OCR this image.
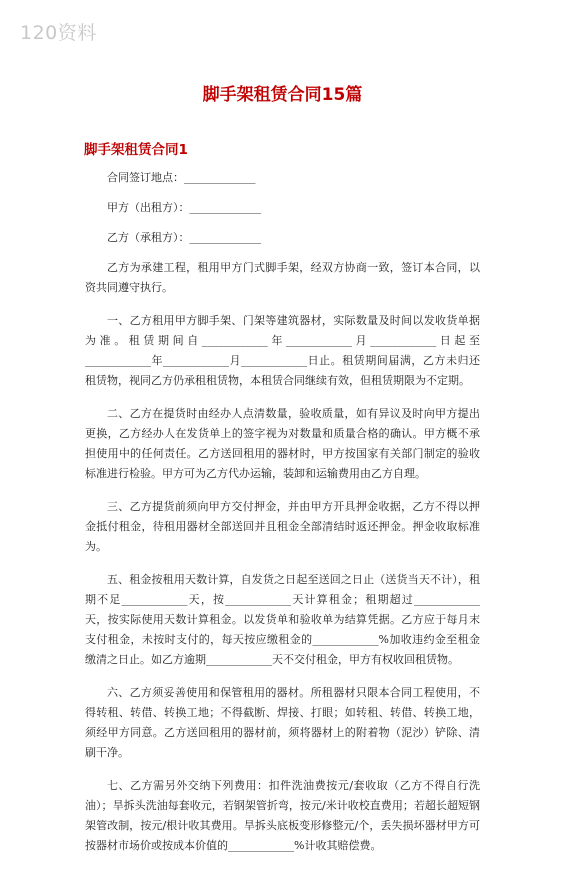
120资料
脚手架租赁合同15篇
脚手架租赁合同1

合同签订地点：_____________

甲方（出租方）：_____________

乙方（承租方）：_____________

乙方为承建工程，租用甲方门式脚手架，经双方协商一致，签订本合同，以资共同遵守执行。

一、乙方租用甲方脚手架、门架等建筑器材，实际数量及时间以发收货单据为准。租赁期间自____________年____________月____________日起至____________年____________月____________日止。租赁期间届满，乙方未归还租赁物，视同乙方仍承租租赁物，本租赁合同继续有效，但租赁期限为不定期。

二、乙方在提货时由经办人点清数量，验收质量，如有异议及时向甲方提出更换，乙方经办人在发货单上的签字视为对数量和质量合格的确认。甲方概不承担使用中的任何责任。乙方送回租用的器材时，甲方按国家有关部门制定的验收标准进行检验。甲方可为乙方代办运输，装卸和运输费用由乙方自理。

三、乙方提货前须向甲方交付押金，并由甲方开具押金收据，乙方不得以押金抵付租金，待租用器材全部送回并且租金全部清结时返还押金。押金收取标准为。

五、租金按租用天数计算，自发货之日起至送回之日止（送货当天不计），租期不足____________天，按____________天计算租金；租期超过____________天，按实际使用天数计算租金。以发货单和验收单为结算凭据。乙方应于每月末支付租金，未按时支付的，每天按应缴租金的____________%加收违约金至租金缴清之日止。如乙方逾期____________天不交付租金，甲方有权收回租赁物。

六、乙方须妥善使用和保管租用的器材。所租器材只限本合同工程使用，不得转租、转借、转换工地；不得截断、焊接、打眼；如转租、转借、转换工地，须经甲方同意。乙方送回租用的器材前，须将器材上的附着物（泥沙）铲除、清刷干净。

七、乙方需另外交纳下列费用：扣件洗油费按元/套收取（乙方不得自行洗油）；旱拆头洗油每套收元，若钢架管折弯，按元/米计收校直费用；若超长超短钢架管改制，按元/根计收其费用。旱拆头底板变形修整元/个，丢失损坏器材甲方可按器材市场价或按成本价值的____________%计收其赔偿费。
